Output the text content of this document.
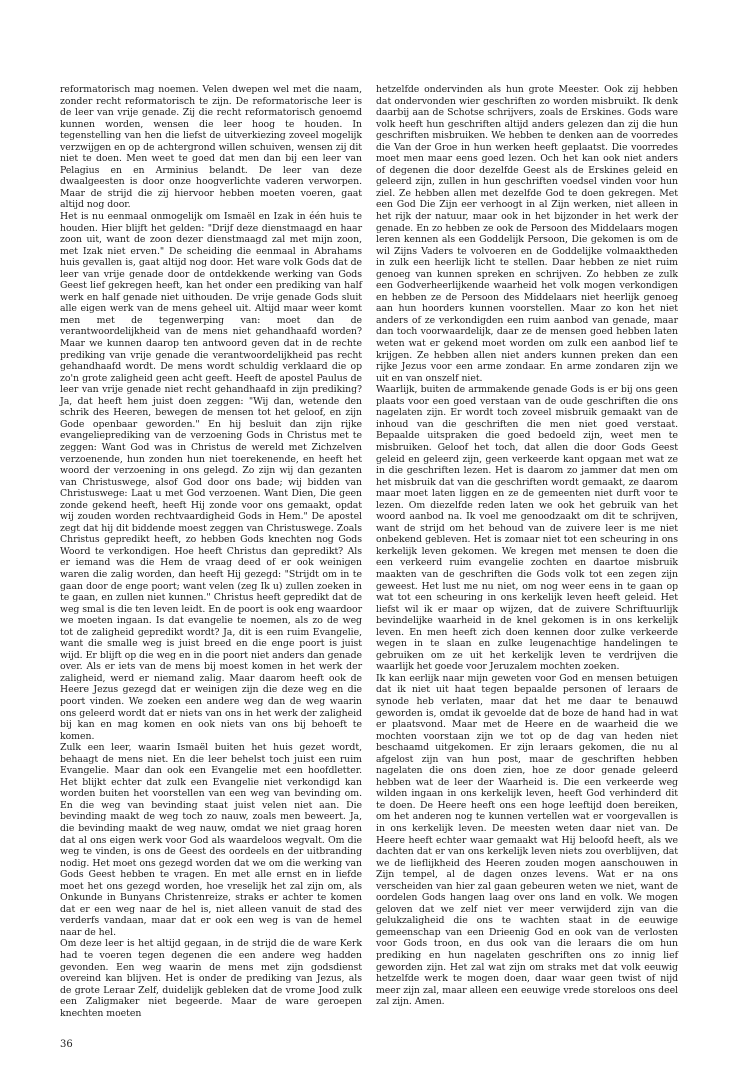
reformatorisch mag noemen. Velen dwepen wel met die naam, zonder recht reformatorisch te zijn. De reformatorische leer is de leer van vrije genade. Zij die recht reformatorisch genoemd kunnen worden, wensen die leer hoog te houden. In tegenstelling van hen die liefst de uitverkiezing zoveel mogelijk verzwijgen en op de achtergrond willen schuiven, wensen zij dit niet te doen. Men weet te goed dat men dan bij een leer van Pelagius en en Arminius belandt. De leer van deze dwaalgeesten is door onze hoogverlichte vaderen verworpen. Maar de strijd die zij hiervoor hebben moeten voeren, gaat altijd nog door.

Het is nu eenmaal onmogelijk om Ismaël en Izak in één huis te houden. Hier blijft het gelden: "Drijf deze dienstmaagd en haar zoon uit, want de zoon dezer dienstmaagd zal met mijn zoon, met Izak niet erven." De scheiding die eenmaal in Abrahams huis gevallen is, gaat altijd nog door. Het ware volk Gods dat de leer van vrije genade door de ontdekkende werking van Gods Geest lief gekregen heeft, kan het onder een prediking van half werk en half genade niet uithouden. De vrije genade Gods sluit alle eigen werk van de mens geheel uit. Altijd maar weer komt men met de tegenwerping van: moet dan de verantwoordelijkheid van de mens niet gehandhaafd worden? Maar we kunnen daarop ten antwoord geven dat in de rechte prediking van vrije genade die verantwoordelijkheid pas recht gehandhaafd wordt. De mens wordt schuldig verklaard die op zo'n grote zaligheid geen acht geeft. Heeft de apostel Paulus de leer van vrije genade niet recht gehandhaafd in zijn prediking? Ja, dat heeft hem juist doen zeggen: "Wij dan, wetende den schrik des Heeren, bewegen de mensen tot het geloof, en zijn Gode openbaar geworden." En hij besluit dan zijn rijke evangelieprediking van de verzoening Gods in Christus met te zeggen: Want God was in Christus de wereld met Zichzelven verzoenende, hun zonden hun niet toerekenende, en heeft het woord der verzoening in ons gelegd. Zo zijn wij dan gezanten van Christuswege, alsof God door ons bade; wij bidden van Christuswege: Laat u met God verzoenen. Want Dien, Die geen zonde gekend heeft, heeft Hij zonde voor ons gemaakt, opdat wij zouden worden rechtvaardigheid Gods in Hem." De apostel zegt dat hij dit biddende moest zeggen van Christuswege. Zoals Christus gepredikt heeft, zo hebben Gods knechten nog Gods Woord te verkondigen. Hoe heeft Christus dan gepredikt? Als er iemand was die Hem de vraag deed of er ook weinigen waren die zalig worden, dan heeft Hij gezegd: "Strijdt om in te gaan door de enge poort; want velen (zeg Ik u) zullen zoeken in te gaan, en zullen niet kunnen." Christus heeft gepredikt dat de weg smal is die ten leven leidt. En de poort is ook eng waardoor we moeten ingaan. Is dat evangelie te noemen, als zo de weg tot de zaligheid gepredikt wordt? Ja, dit is een ruim Evangelie, want die smalle weg is juist breed en die enge poort is juist wijd. Er blijft op die weg en in die poort niet anders dan genade over. Als er iets van de mens bij moest komen in het werk der zaligheid, werd er niemand zalig. Maar daarom heeft ook de Heere Jezus gezegd dat er weinigen zijn die deze weg en die poort vinden. We zoeken een andere weg dan de weg waarin ons geleerd wordt dat er niets van ons in het werk der zaligheid bij kan en mag komen en ook niets van ons bij behoeft te komen.

Zulk een leer, waarin Ismaël buiten het huis gezet wordt, behaagt de mens niet. En die leer behelst toch juist een ruim Evangelie. Maar dan ook een Evangelie met een hoofdletter. Het blijkt echter dat zulk een Evangelie niet verkondigd kan worden buiten het voorstellen van een weg van bevinding om. En die weg van bevinding staat juist velen niet aan. Die bevinding maakt de weg toch zo nauw, zoals men beweert. Ja, die bevinding maakt de weg nauw, omdat we niet graag horen dat al ons eigen werk voor God als waardeloos wegvalt. Om die weg te vinden, is ons de Geest des oordeels en der uitbranding nodig. Het moet ons gezegd worden dat we om die werking van Gods Geest hebben te vragen. En met alle ernst en in liefde moet het ons gezegd worden, hoe vreselijk het zal zijn om, als Onkunde in Bunyans Christenreize, straks er achter te komen dat er een weg naar de hel is, niet alleen vanuit de stad des verderfs vandaan, maar dat er ook een weg is van de hemel naar de hel.

Om deze leer is het altijd gegaan, in de strijd die de ware Kerk had te voeren tegen degenen die een andere weg hadden gevonden. Een weg waarin de mens met zijn godsdienst overeind kan blijven. Het is onder de prediking van Jezus, als de grote Leraar Zelf, duidelijk gebleken dat de vrome Jood zulk een Zaligmaker niet begeerde. Maar de ware geroepen knechten moeten

hetzelfde ondervinden als hun grote Meester. Ook zij hebben dat ondervonden wier geschriften zo worden misbruikt. Ik denk daarbij aan de Schotse schrijvers, zoals de Erskines. Gods ware volk heeft hun geschriften altijd anders gelezen dan zij die hun geschriften misbruiken. We hebben te denken aan de voorredes die Van der Groe in hun werken heeft geplaatst. Die voorredes moet men maar eens goed lezen. Och het kan ook niet anders of degenen die door dezelfde Geest als de Erskines geleid en geleerd zijn, zullen in hun geschriften voedsel vinden voor hun ziel. Ze hebben allen met dezelfde God te doen gekregen. Met een God Die Zijn eer verhoogt in al Zijn werken, niet alleen in het rijk der natuur, maar ook in het bijzonder in het werk der genade. En zo hebben ze ook de Persoon des Middelaars mogen leren kennen als een Goddelijk Persoon, Die gekomen is om de wil Zijns Vaders te volvoeren en de Goddelijke volmaaktheden in zulk een heerlijk licht te stellen. Daar hebben ze niet ruim genoeg van kunnen spreken en schrijven. Zo hebben ze zulk een Godverheerlijkende waarheid het volk mogen verkondigen en hebben ze de Persoon des Middelaars niet heerlijk genoeg aan hun hoorders kunnen voorstellen. Maar zo kon het niet anders of ze verkondigden een ruim aanbod van genade, maar dan toch voorwaardelijk, daar ze de mensen goed hebben laten weten wat er gekend moet worden om zulk een aanbod lief te krijgen. Ze hebben allen niet anders kunnen preken dan een rijke Jezus voor een arme zondaar. En arme zondaren zijn we uit en van onszelf niet.

Waarlijk, buiten de armmakende genade Gods is er bij ons geen plaats voor een goed verstaan van de oude geschriften die ons nagelaten zijn. Er wordt toch zoveel misbruik gemaakt van de inhoud van die geschriften die men niet goed verstaat. Bepaalde uitspraken die goed bedoeld zijn, weet men te misbruiken. Geloof het toch, dat allen die door Gods Geest geleid en geleerd zijn, geen verkeerde kant opgaan met wat ze in die geschriften lezen. Het is daarom zo jammer dat men om het misbruik dat van die geschriften wordt gemaakt, ze daarom maar moet laten liggen en ze de gemeenten niet durft voor te lezen. Om diezelfde reden laten we ook het gebruik van het woord aanbod na. Ik voel me genoodzaakt om dit te schrijven, want de strijd om het behoud van de zuivere leer is me niet onbekend gebleven. Het is zomaar niet tot een scheuring in ons kerkelijk leven gekomen. We kregen met mensen te doen die een verkeerd ruim evangelie zochten en daartoe misbruik maakten van de geschriften die Gods volk tot een zegen zijn geweest. Het lust me nu niet, om nog weer eens in te gaan op wat tot een scheuring in ons kerkelijk leven heeft geleid. Het liefst wil ik er maar op wijzen, dat de zuivere Schriftuurlijk bevindelijke waarheid in de knel gekomen is in ons kerkelijk leven. En men heeft zich doen kennen door zulke verkeerde wegen in te slaan en zulke leugenachtige handelingen te gebruiken om ze uit het kerkelijk leven te verdrijven die waarlijk het goede voor Jeruzalem mochten zoeken.

Ik kan eerlijk naar mijn geweten voor God en mensen betuigen dat ik niet uit haat tegen bepaalde personen of leraars de synode heb verlaten, maar dat het me daar te benauwd geworden is, omdat ik gevoelde dat de boze de hand had in wat er plaatsvond. Maar met de Heere en de waarheid die we mochten voorstaan zijn we tot op de dag van heden niet beschaamd uitgekomen. Er zijn leraars gekomen, die nu al afgelost zijn van hun post, maar de geschriften hebben nagelaten die ons doen zien, hoe ze door genade geleerd hebben wat de leer der Waarheid is. Die een verkeerde weg wilden ingaan in ons kerkelijk leven, heeft God verhinderd dit te doen. De Heere heeft ons een hoge leeftijd doen bereiken, om het anderen nog te kunnen vertellen wat er voorgevallen is in ons kerkelijk leven. De meesten weten daar niet van. De Heere heeft echter waar gemaakt wat Hij beloofd heeft, als we dachten dat er van ons kerkelijk leven niets zou overblijven, dat we de lieflijkheid des Heeren zouden mogen aanschouwen in Zijn tempel, al de dagen onzes levens. Wat er na ons verscheiden van hier zal gaan gebeuren weten we niet, want de oordelen Gods hangen laag over ons land en volk. We mogen geloven dat we zelf niet ver meer verwijderd zijn van die gelukzaligheid die ons te wachten staat in de eeuwige gemeenschap van een Drieenig God en ook van de verlosten voor Gods troon, en dus ook van die leraars die om hun prediking en hun nagelaten geschriften ons zo innig lief geworden zijn. Het zal wat zijn om straks met dat volk eeuwig hetzelfde werk te mogen doen, daar waar geen twist of nijd meer zijn zal, maar alleen een eeuwige vrede storeloos ons deel zal zijn. Amen.

36
